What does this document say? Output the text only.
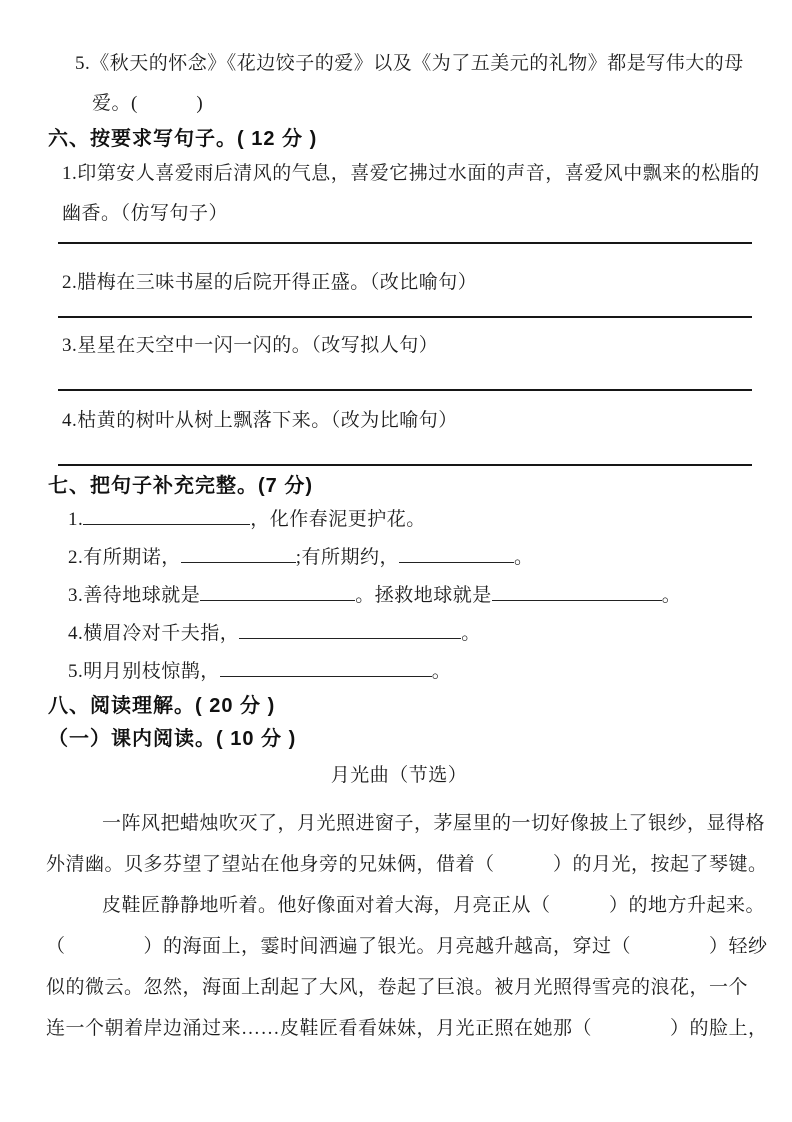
5.《秋天的怀念》《花边饺子的爱》以及《为了五美元的礼物》都是写伟大的母
爱。(　　　)
六、按要求写句子。( 12 分 )
1.印第安人喜爱雨后清风的气息，喜爱它拂过水面的声音，喜爱风中飘来的松脂的
幽香。（仿写句子）
2.腊梅在三味书屋的后院开得正盛。（改比喻句）
3.星星在天空中一闪一闪的。（改写拟人句）
4.枯黄的树叶从树上飘落下来。（改为比喻句）
七、把句子补充完整。(7 分)
1.	，化作春泥更护花。
2.有所期诺，	;有所期约，	。
3.善待地球就是	。拯救地球就是	。
4.横眉冷对千夫指，	。
5.明月别枝惊鹊，	。
八、阅读理解。( 20 分 )
（一）课内阅读。( 10 分 )
月光曲（节选）
一阵风把蜡烛吹灭了，月光照进窗子，茅屋里的一切好像披上了银纱，显得格
外清幽。贝多芬望了望站在他身旁的兄妹俩，借着（　　　）的月光，按起了琴键。
皮鞋匠静静地听着。他好像面对着大海，月亮正从（　　　）的地方升起来。
（　　　　）的海面上，霎时间洒遍了银光。月亮越升越高，穿过（　　　　）轻纱
似的微云。忽然，海面上刮起了大风，卷起了巨浪。被月光照得雪亮的浪花，一个
连一个朝着岸边涌过来……皮鞋匠看看妹妹，月光正照在她那（　　　　）的脸上，
